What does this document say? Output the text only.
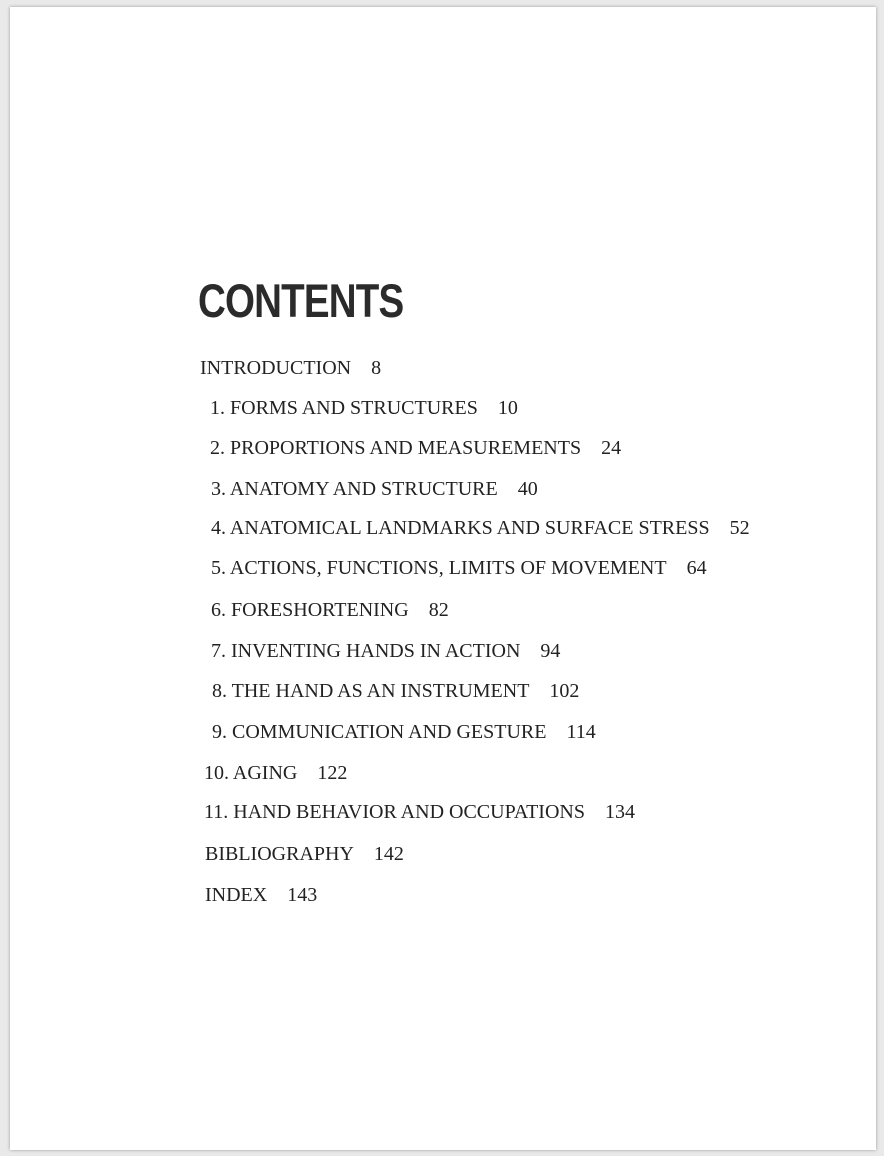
CONTENTS
INTRODUCTION 8
1. FORMS AND STRUCTURES 10
2. PROPORTIONS AND MEASUREMENTS 24
3. ANATOMY AND STRUCTURE 40
4. ANATOMICAL LANDMARKS AND SURFACE STRESS 52
5. ACTIONS, FUNCTIONS, LIMITS OF MOVEMENT 64
6. FORESHORTENING 82
7. INVENTING HANDS IN ACTION 94
8. THE HAND AS AN INSTRUMENT 102
9. COMMUNICATION AND GESTURE 114
10. AGING 122
11. HAND BEHAVIOR AND OCCUPATIONS 134
BIBLIOGRAPHY 142
INDEX 143
